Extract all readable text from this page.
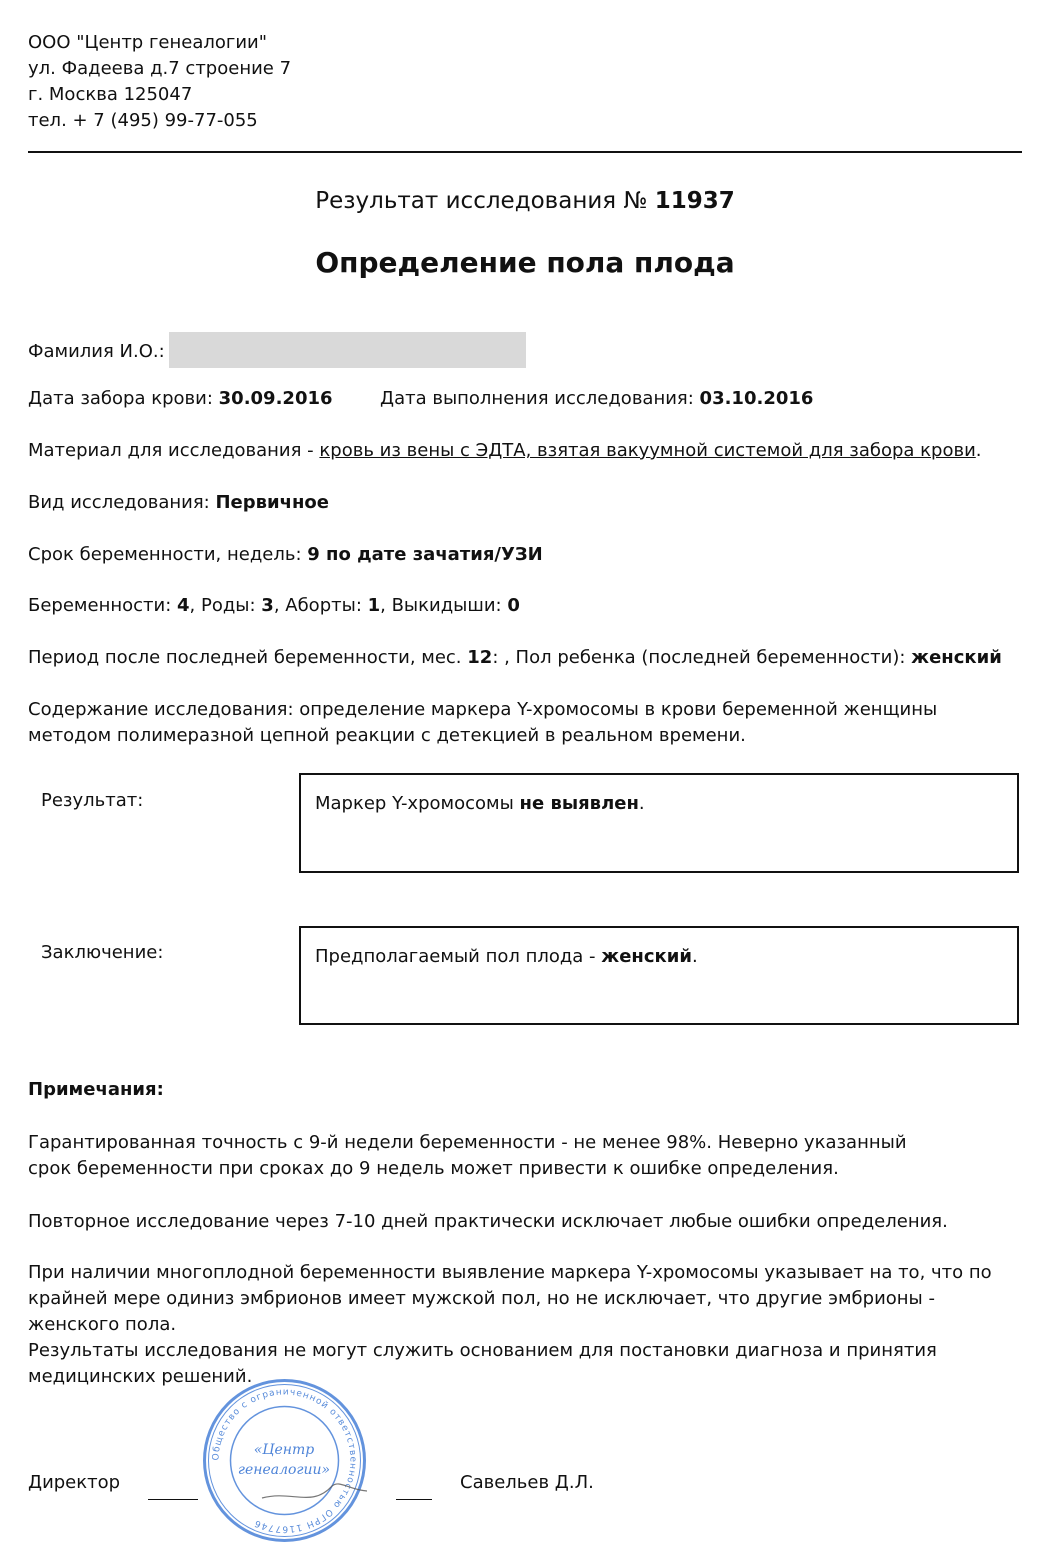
ООО "Центр генеалогии"
ул. Фадеева д.7 строение 7
г. Москва 125047
тел. + 7 (495) 99-77-055
Результат исследования № 11937
Определение пола плода
Фамилия И.О.:
Дата забора крови: 30.09.2016	Дата выполнения исследования: 03.10.2016
Материал для исследования - кровь из вены с ЭДТА, взятая вакуумной системой для забора крови.
Вид исследования: Первичное
Срок беременности, недель: 9 по дате зачатия/УЗИ
Беременности: 4, Роды: 3, Аборты: 1, Выкидыши: 0
Период после последней беременности, мес. 12: , Пол ребенка (последней беременности): женский
Содержание исследования: определение маркера Y-хромосомы в крови беременной женщины методом полимеразной цепной реакции с детекцией в реальном времени.
Результат:	Маркер Y-хромосомы не выявлен.
Заключение:	Предполагаемый пол плода - женский.
Примечания:
Гарантированная точность с 9-й недели беременности - не менее 98%. Неверно указанный срок беременности при сроках до 9 недель может привести к ошибке определения.
Повторное исследование через 7-10 дней практически исключает любые ошибки определения.
При наличии многоплодной беременности выявление маркера Y-хромосомы указывает на то, что по крайней мере одиниз эмбрионов имеет мужской пол, но не исключает, что другие эмбрионы - женского пола.
Результаты исследования не могут служить основанием для постановки диагноза и принятия медицинских решений.
Директор	Савельев Д.Л.
Общество с ограниченной ответственностью ОГРН 1167746
«Центр
генеалогии»
